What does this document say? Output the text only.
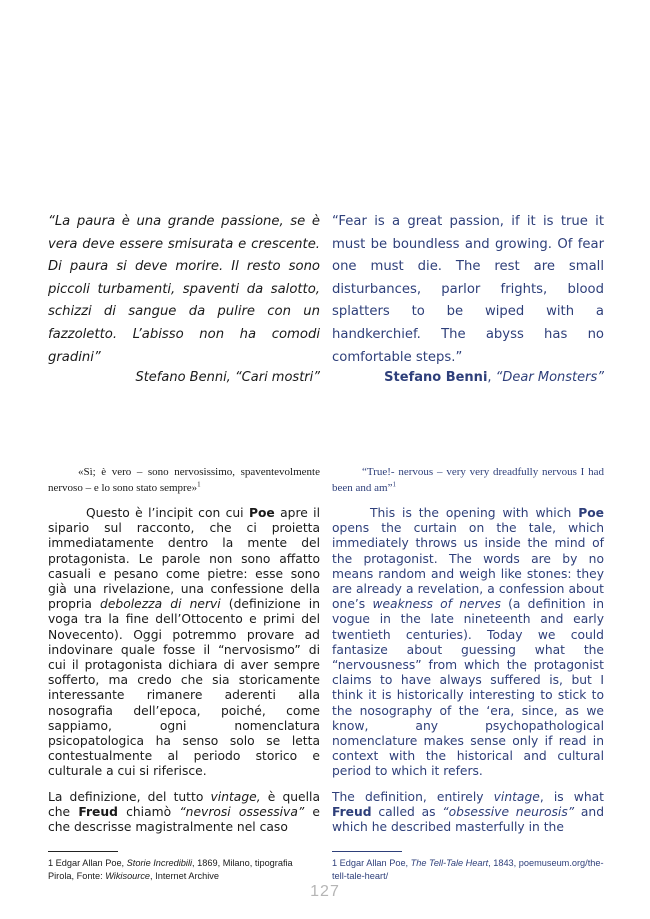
“La paura è una grande passione, se è vera deve essere smisurata e crescente. Di paura si deve morire. Il resto sono piccoli turbamenti, spaventi da salotto, schizzi di sangue da pulire con un fazzoletto. L’abisso non ha comodi gradini”

“Fear is a great passion, if it is true it must be boundless and growing. Of fear one must die. The rest are small disturbances, parlor frights, blood splatters to be wiped with a handkerchief. The abyss has no comfortable steps.”

Stefano Benni, “Cari mostri”	Stefano Benni, “Dear Monsters”

«Sì; è vero – sono nervosissimo, spaventevolmente nervoso – e lo sono stato sempre»$^1$

“True!- nervous – very very dreadfully nervous I had been and am”$^1$

Questo è l’incipit con cui Poe apre il sipario sul racconto, che ci proietta immediatamente dentro la mente del protagonista. Le parole non sono affatto casuali e pesano come pietre: esse sono già una rivelazione, una confessione della propria debolezza di nervi (definizione in voga tra la fine dell’Ottocento e primi del Novecento). Oggi potremmo provare ad indovinare quale fosse il “nervosismo” di cui il protagonista dichiara di aver sempre sofferto, ma credo che sia storicamente interessante rimanere aderenti alla nosografia dell’epoca, poiché, come sappiamo, ogni nomenclatura psicopatologica ha senso solo se letta contestualmente al periodo storico e culturale a cui si riferisce.

La definizione, del tutto vintage, è quella che Freud chiamò “nevrosi ossessiva” e che descrisse magistralmente nel caso

This is the opening with which Poe opens the curtain on the tale, which immediately throws us inside the mind of the protagonist. The words are by no means random and weigh like stones: they are already a revelation, a confession about one’s weakness of nerves (a definition in vogue in the late nineteenth and early twentieth centuries). Today we could fantasize about guessing what the “nervousness” from which the protagonist claims to have always suffered is, but I think it is historically interesting to stick to the nosography of the ‘era, since, as we know, any psychopathological nomenclature makes sense only if read in context with the historical and cultural period to which it refers.

The definition, entirely vintage, is what Freud called as “obsessive neurosis” and which he described masterfully in the

1 Edgar Allan Poe, Storie Incredibili, 1869, Milano, tipografia Pirola, Fonte: Wikisource, Internet Archive

1 Edgar Allan Poe, The Tell-Tale Heart, 1843, poemuseum.org/the-tell-tale-heart/

127
